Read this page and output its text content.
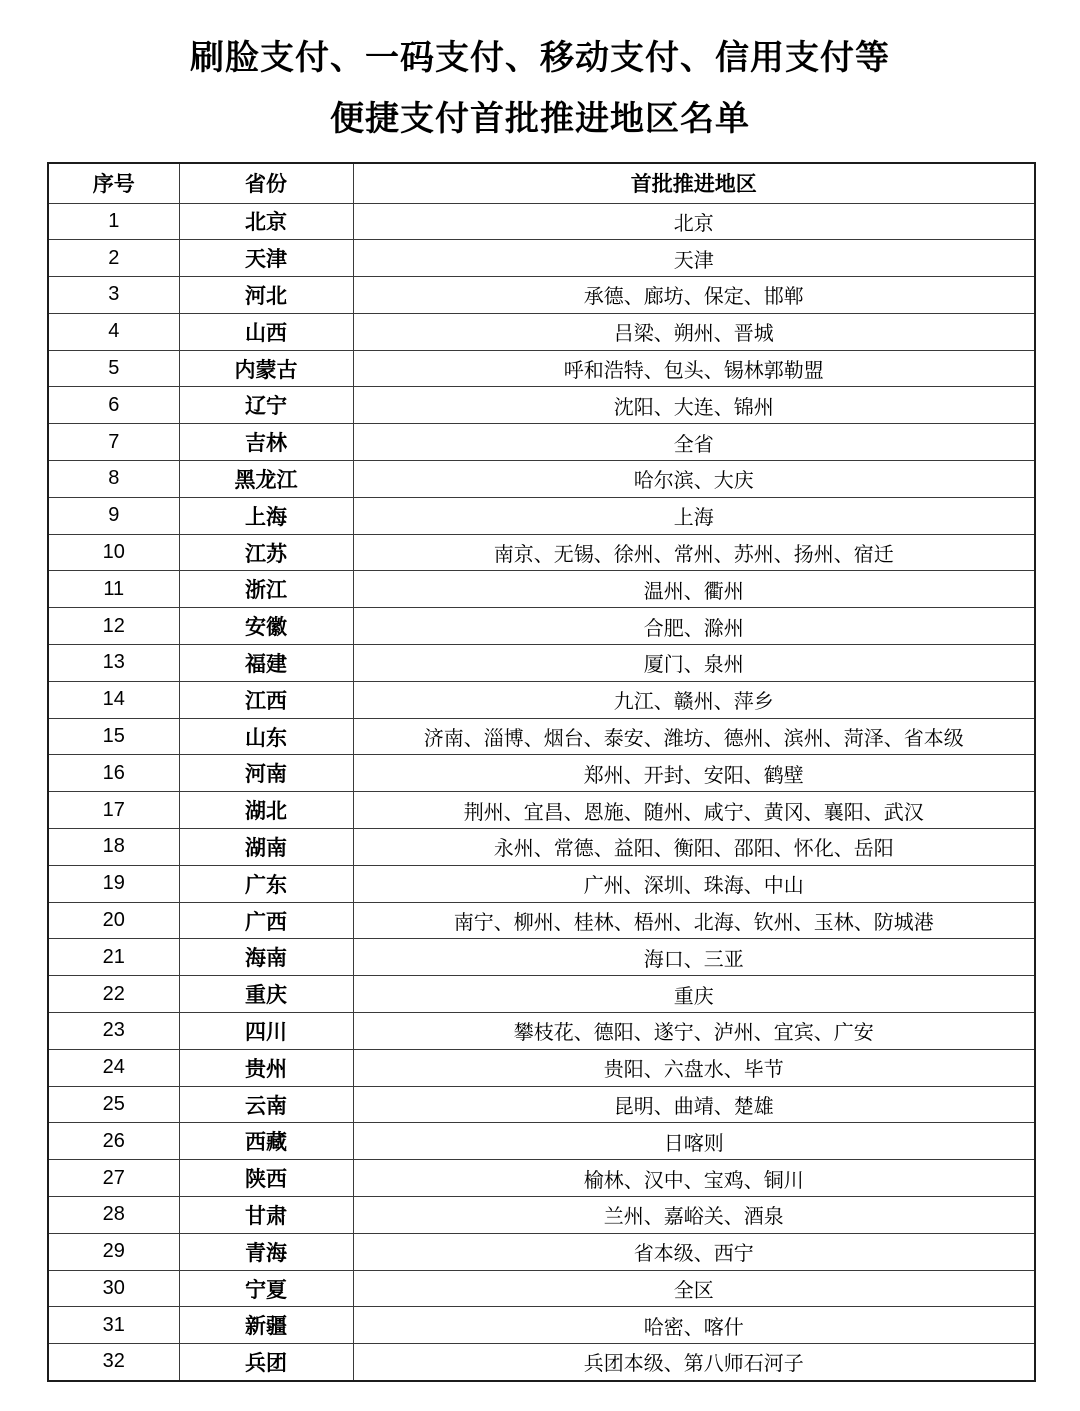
刷脸支付、一码支付、移动支付、信用支付等
便捷支付首批推进地区名单
序号	省份	首批推进地区
1	北京	北京
2	天津	天津
3	河北	承德、廊坊、保定、邯郸
4	山西	吕梁、朔州、晋城
5	内蒙古	呼和浩特、包头、锡林郭勒盟
6	辽宁	沈阳、大连、锦州
7	吉林	全省
8	黑龙江	哈尔滨、大庆
9	上海	上海
10	江苏	南京、无锡、徐州、常州、苏州、扬州、宿迁
11	浙江	温州、衢州
12	安徽	合肥、滁州
13	福建	厦门、泉州
14	江西	九江、赣州、萍乡
15	山东	济南、淄博、烟台、泰安、潍坊、德州、滨州、菏泽、省本级
16	河南	郑州、开封、安阳、鹤壁
17	湖北	荆州、宜昌、恩施、随州、咸宁、黄冈、襄阳、武汉
18	湖南	永州、常德、益阳、衡阳、邵阳、怀化、岳阳
19	广东	广州、深圳、珠海、中山
20	广西	南宁、柳州、桂林、梧州、北海、钦州、玉林、防城港
21	海南	海口、三亚
22	重庆	重庆
23	四川	攀枝花、德阳、遂宁、泸州、宜宾、广安
24	贵州	贵阳、六盘水、毕节
25	云南	昆明、曲靖、楚雄
26	西藏	日喀则
27	陕西	榆林、汉中、宝鸡、铜川
28	甘肃	兰州、嘉峪关、酒泉
29	青海	省本级、西宁
30	宁夏	全区
31	新疆	哈密、喀什
32	兵团	兵团本级、第八师石河子
